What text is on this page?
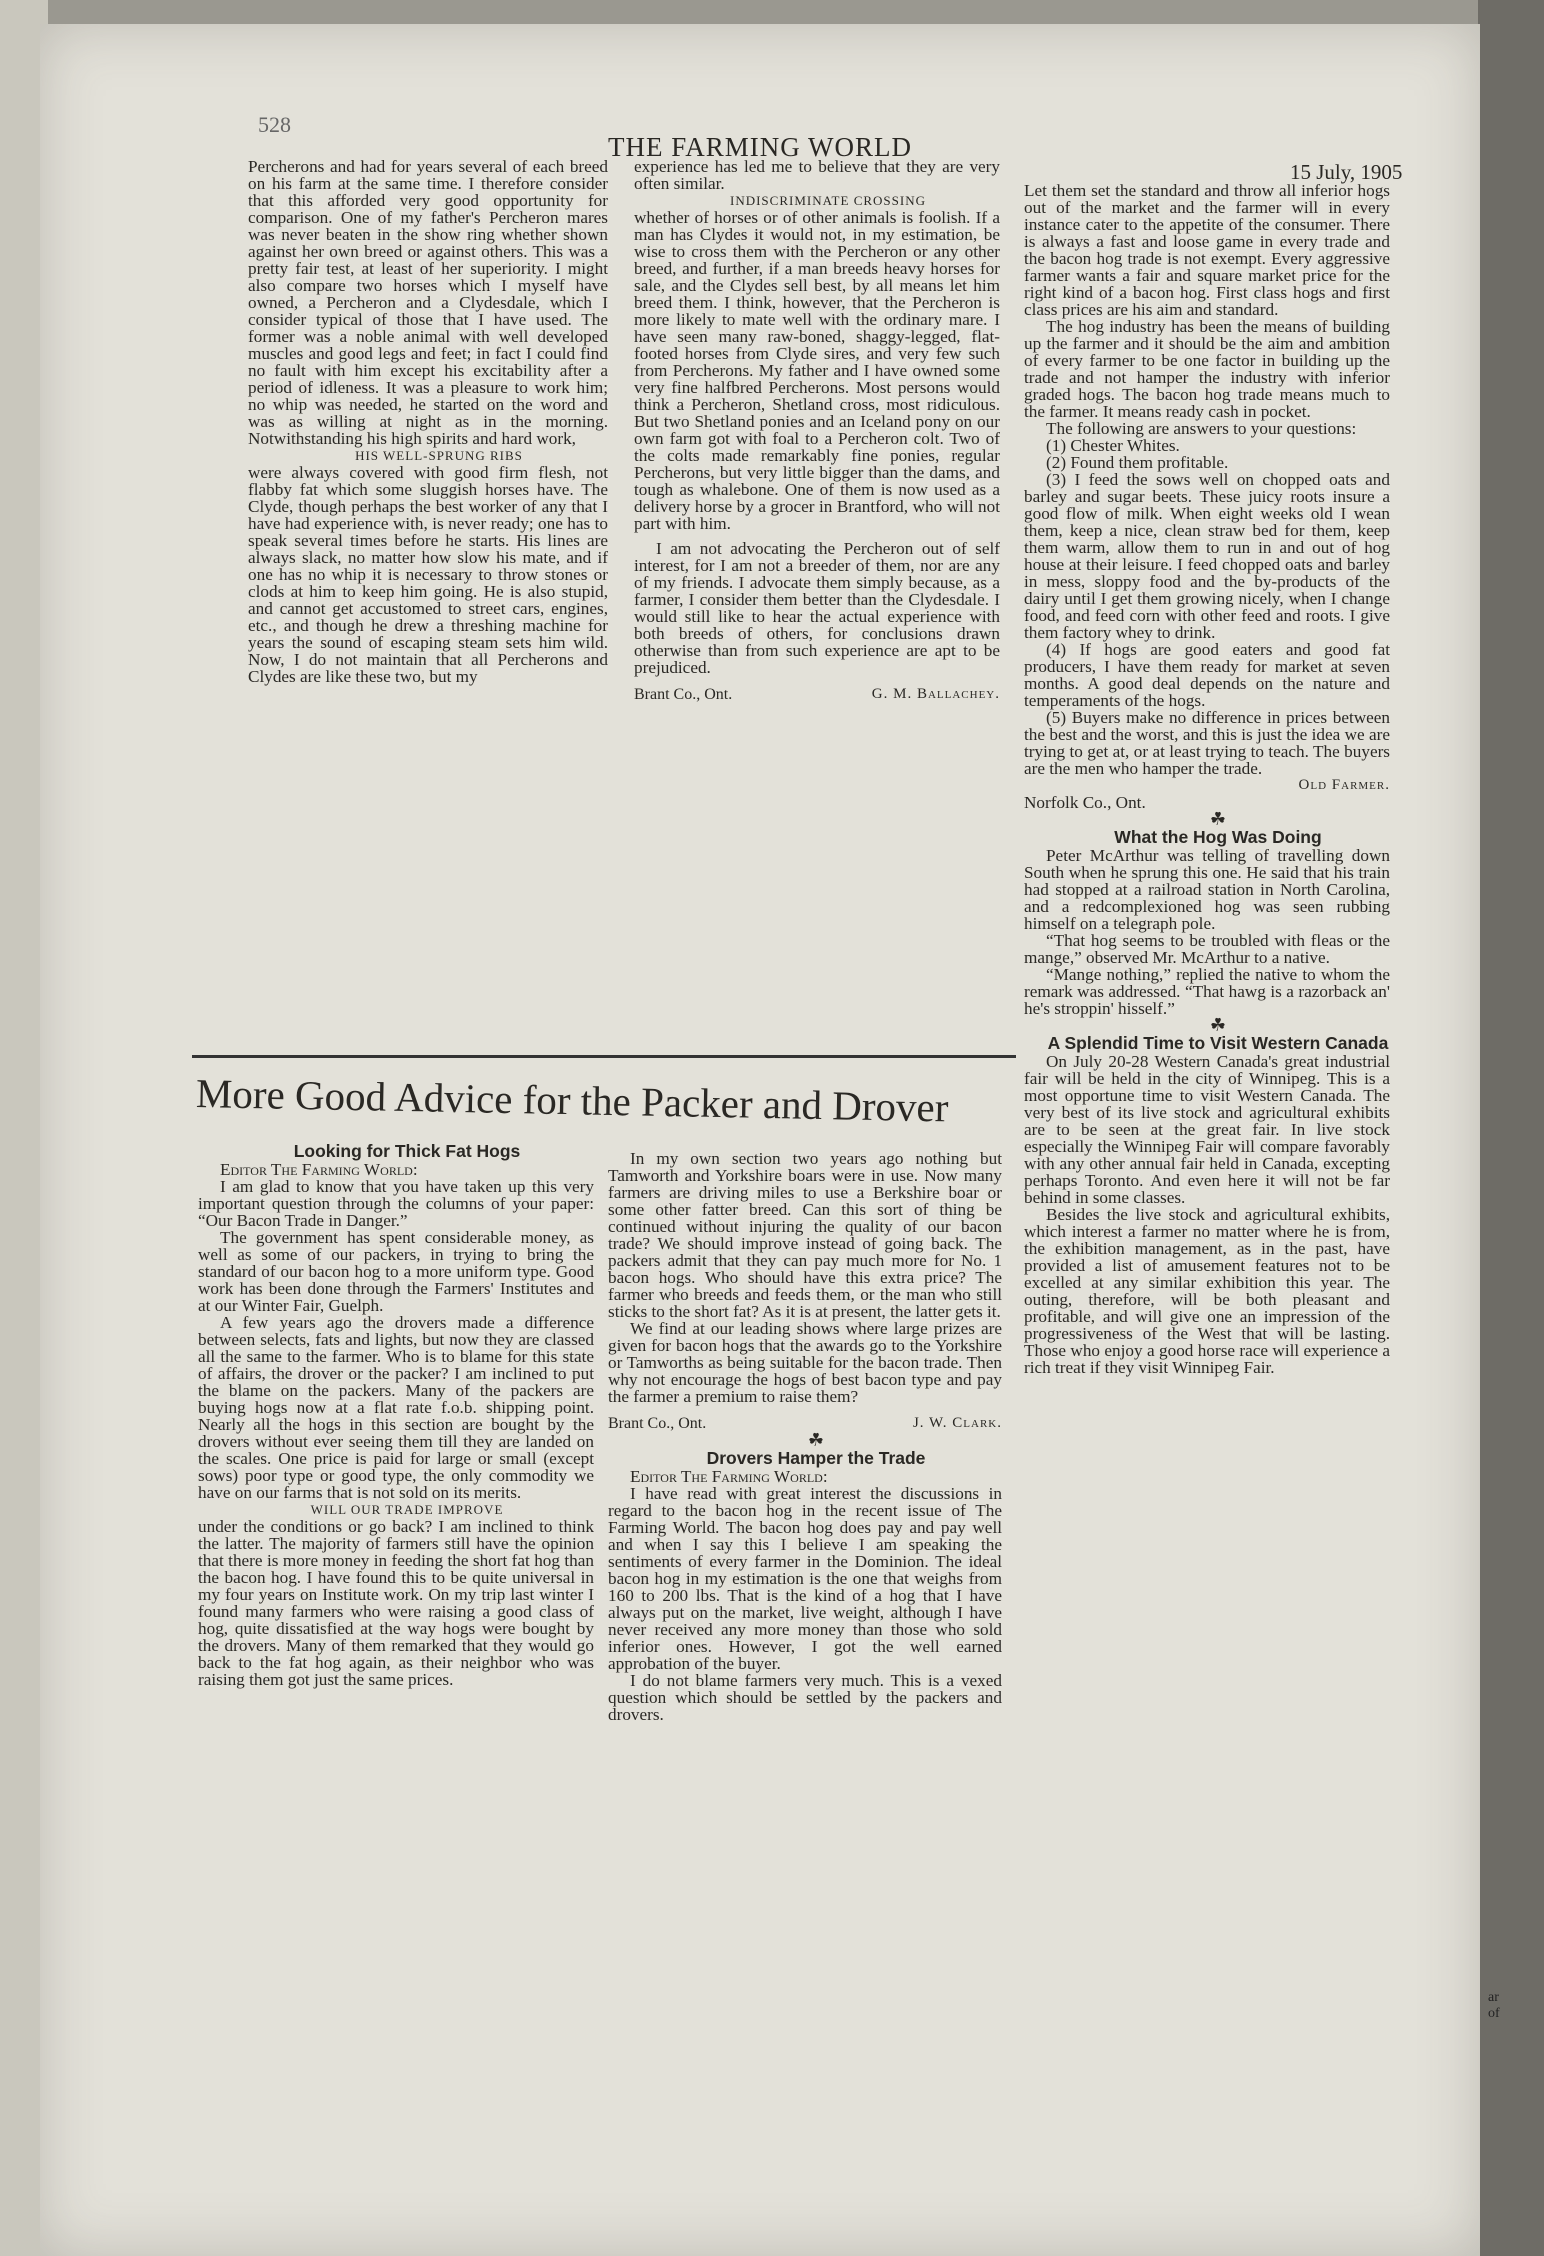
ar
of
528
THE FARMING WORLD
15 July, 1905

Percherons and had for years several of each breed on his farm at the same time. I therefore consider that this afforded very good opportunity for comparison. One of my father's Percheron mares was never beaten in the show ring whether shown against her own breed or against others. This was a pretty fair test, at least of her superiority. I might also compare two horses which I myself have owned, a Percheron and a Clydesdale, which I consider typical of those that I have used. The former was a noble animal with well developed muscles and good legs and feet; in fact I could find no fault with him except his excitability after a period of idleness. It was a pleasure to work him; no whip was needed, he started on the word and was as willing at night as in the morning. Notwithstanding his high spirits and hard work,

HIS WELL-SPRUNG RIBS

were always covered with good firm flesh, not flabby fat which some sluggish horses have. The Clyde, though perhaps the best worker of any that I have had experience with, is never ready; one has to speak several times before he starts. His lines are always slack, no matter how slow his mate, and if one has no whip it is necessary to throw stones or clods at him to keep him going. He is also stupid, and cannot get accustomed to street cars, engines, etc., and though he drew a threshing machine for years the sound of escaping steam sets him wild. Now, I do not maintain that all Percherons and Clydes are like these two, but my

experience has led me to believe that they are very often similar.

INDISCRIMINATE CROSSING

whether of horses or of other animals is foolish. If a man has Clydes it would not, in my estimation, be wise to cross them with the Percheron or any other breed, and further, if a man breeds heavy horses for sale, and the Clydes sell best, by all means let him breed them. I think, however, that the Percheron is more likely to mate well with the ordinary mare. I have seen many raw-boned, shaggy-legged, flat-footed horses from Clyde sires, and very few such from Percherons. My father and I have owned some very fine halfbred Percherons. Most persons would think a Percheron, Shetland cross, most ridiculous. But two Shetland ponies and an Iceland pony on our own farm got with foal to a Percheron colt. Two of the colts made remarkably fine ponies, regular Percherons, but very little bigger than the dams, and tough as whalebone. One of them is now used as a delivery horse by a grocer in Brantford, who will not part with him.

I am not advocating the Percheron out of self interest, for I am not a breeder of them, nor are any of my friends. I advocate them simply because, as a farmer, I consider them better than the Clydesdale. I would still like to hear the actual experience with both breeds of others, for conclusions drawn otherwise than from such experience are apt to be prejudiced.

Brant Co., Ont.	G. M. Ballachey.

Let them set the standard and throw all inferior hogs out of the market and the farmer will in every instance cater to the appetite of the consumer. There is always a fast and loose game in every trade and the bacon hog trade is not exempt. Every aggressive farmer wants a fair and square market price for the right kind of a bacon hog. First class hogs and first class prices are his aim and standard.

The hog industry has been the means of building up the farmer and it should be the aim and ambition of every farmer to be one factor in building up the trade and not hamper the industry with inferior graded hogs. The bacon hog trade means much to the farmer. It means ready cash in pocket.

The following are answers to your questions:

(1) Chester Whites.

(2) Found them profitable.

(3) I feed the sows well on chopped oats and barley and sugar beets. These juicy roots insure a good flow of milk. When eight weeks old I wean them, keep a nice, clean straw bed for them, keep them warm, allow them to run in and out of hog house at their leisure. I feed chopped oats and barley in mess, sloppy food and the by-products of the dairy until I get them growing nicely, when I change food, and feed corn with other feed and roots. I give them factory whey to drink.

(4) If hogs are good eaters and good fat producers, I have them ready for market at seven months. A good deal depends on the nature and temperaments of the hogs.

(5) Buyers make no difference in prices between the best and the worst, and this is just the idea we are trying to get at, or at least trying to teach. The buyers are the men who hamper the trade.

Old Farmer.

Norfolk Co., Ont.

☘

What the Hog Was Doing

Peter McArthur was telling of travelling down South when he sprung this one. He said that his train had stopped at a railroad station in North Carolina, and a redcomplexioned hog was seen rubbing himself on a telegraph pole.

“That hog seems to be troubled with fleas or the mange,” observed Mr. McArthur to a native.

“Mange nothing,” replied the native to whom the remark was addressed. “That hawg is a razorback an' he's stroppin' hisself.”

☘

A Splendid Time to Visit Western Canada

On July 20-28 Western Canada's great industrial fair will be held in the city of Winnipeg. This is a most opportune time to visit Western Canada. The very best of its live stock and agricultural exhibits are to be seen at the great fair. In live stock especially the Winnipeg Fair will compare favorably with any other annual fair held in Canada, excepting perhaps Toronto. And even here it will not be far behind in some classes.

Besides the live stock and agricultural exhibits, which interest a farmer no matter where he is from, the exhibition management, as in the past, have provided a list of amusement features not to be excelled at any similar exhibition this year. The outing, therefore, will be both pleasant and profitable, and will give one an impression of the progressiveness of the West that will be lasting. Those who enjoy a good horse race will experience a rich treat if they visit Winnipeg Fair.

More Good Advice for the Packer and Drover

Looking for Thick Fat Hogs

Editor The Farming World:

I am glad to know that you have taken up this very important question through the columns of your paper: “Our Bacon Trade in Danger.”

The government has spent considerable money, as well as some of our packers, in trying to bring the standard of our bacon hog to a more uniform type. Good work has been done through the Farmers' Institutes and at our Winter Fair, Guelph.

A few years ago the drovers made a difference between selects, fats and lights, but now they are classed all the same to the farmer. Who is to blame for this state of affairs, the drover or the packer? I am inclined to put the blame on the packers. Many of the packers are buying hogs now at a flat rate f.o.b. shipping point. Nearly all the hogs in this section are bought by the drovers without ever seeing them till they are landed on the scales. One price is paid for large or small (except sows) poor type or good type, the only commodity we have on our farms that is not sold on its merits.

WILL OUR TRADE IMPROVE

under the conditions or go back? I am inclined to think the latter. The majority of farmers still have the opinion that there is more money in feeding the short fat hog than the bacon hog. I have found this to be quite universal in my four years on Institute work. On my trip last winter I found many farmers who were raising a good class of hog, quite dissatisfied at the way hogs were bought by the drovers. Many of them remarked that they would go back to the fat hog again, as their neighbor who was raising them got just the same prices.

In my own section two years ago nothing but Tamworth and Yorkshire boars were in use. Now many farmers are driving miles to use a Berkshire boar or some other fatter breed. Can this sort of thing be continued without injuring the quality of our bacon trade? We should improve instead of going back. The packers admit that they can pay much more for No. 1 bacon hogs. Who should have this extra price? The farmer who breeds and feeds them, or the man who still sticks to the short fat? As it is at present, the latter gets it.

We find at our leading shows where large prizes are given for bacon hogs that the awards go to the Yorkshire or Tamworths as being suitable for the bacon trade. Then why not encourage the hogs of best bacon type and pay the farmer a premium to raise them?

Brant Co., Ont.	J. W. Clark.

☘

Drovers Hamper the Trade

Editor The Farming World:

I have read with great interest the discussions in regard to the bacon hog in the recent issue of The Farming World. The bacon hog does pay and pay well and when I say this I believe I am speaking the sentiments of every farmer in the Dominion. The ideal bacon hog in my estimation is the one that weighs from 160 to 200 lbs. That is the kind of a hog that I have always put on the market, live weight, although I have never received any more money than those who sold inferior ones. However, I got the well earned approbation of the buyer.

I do not blame farmers very much. This is a vexed question which should be settled by the packers and drovers.
